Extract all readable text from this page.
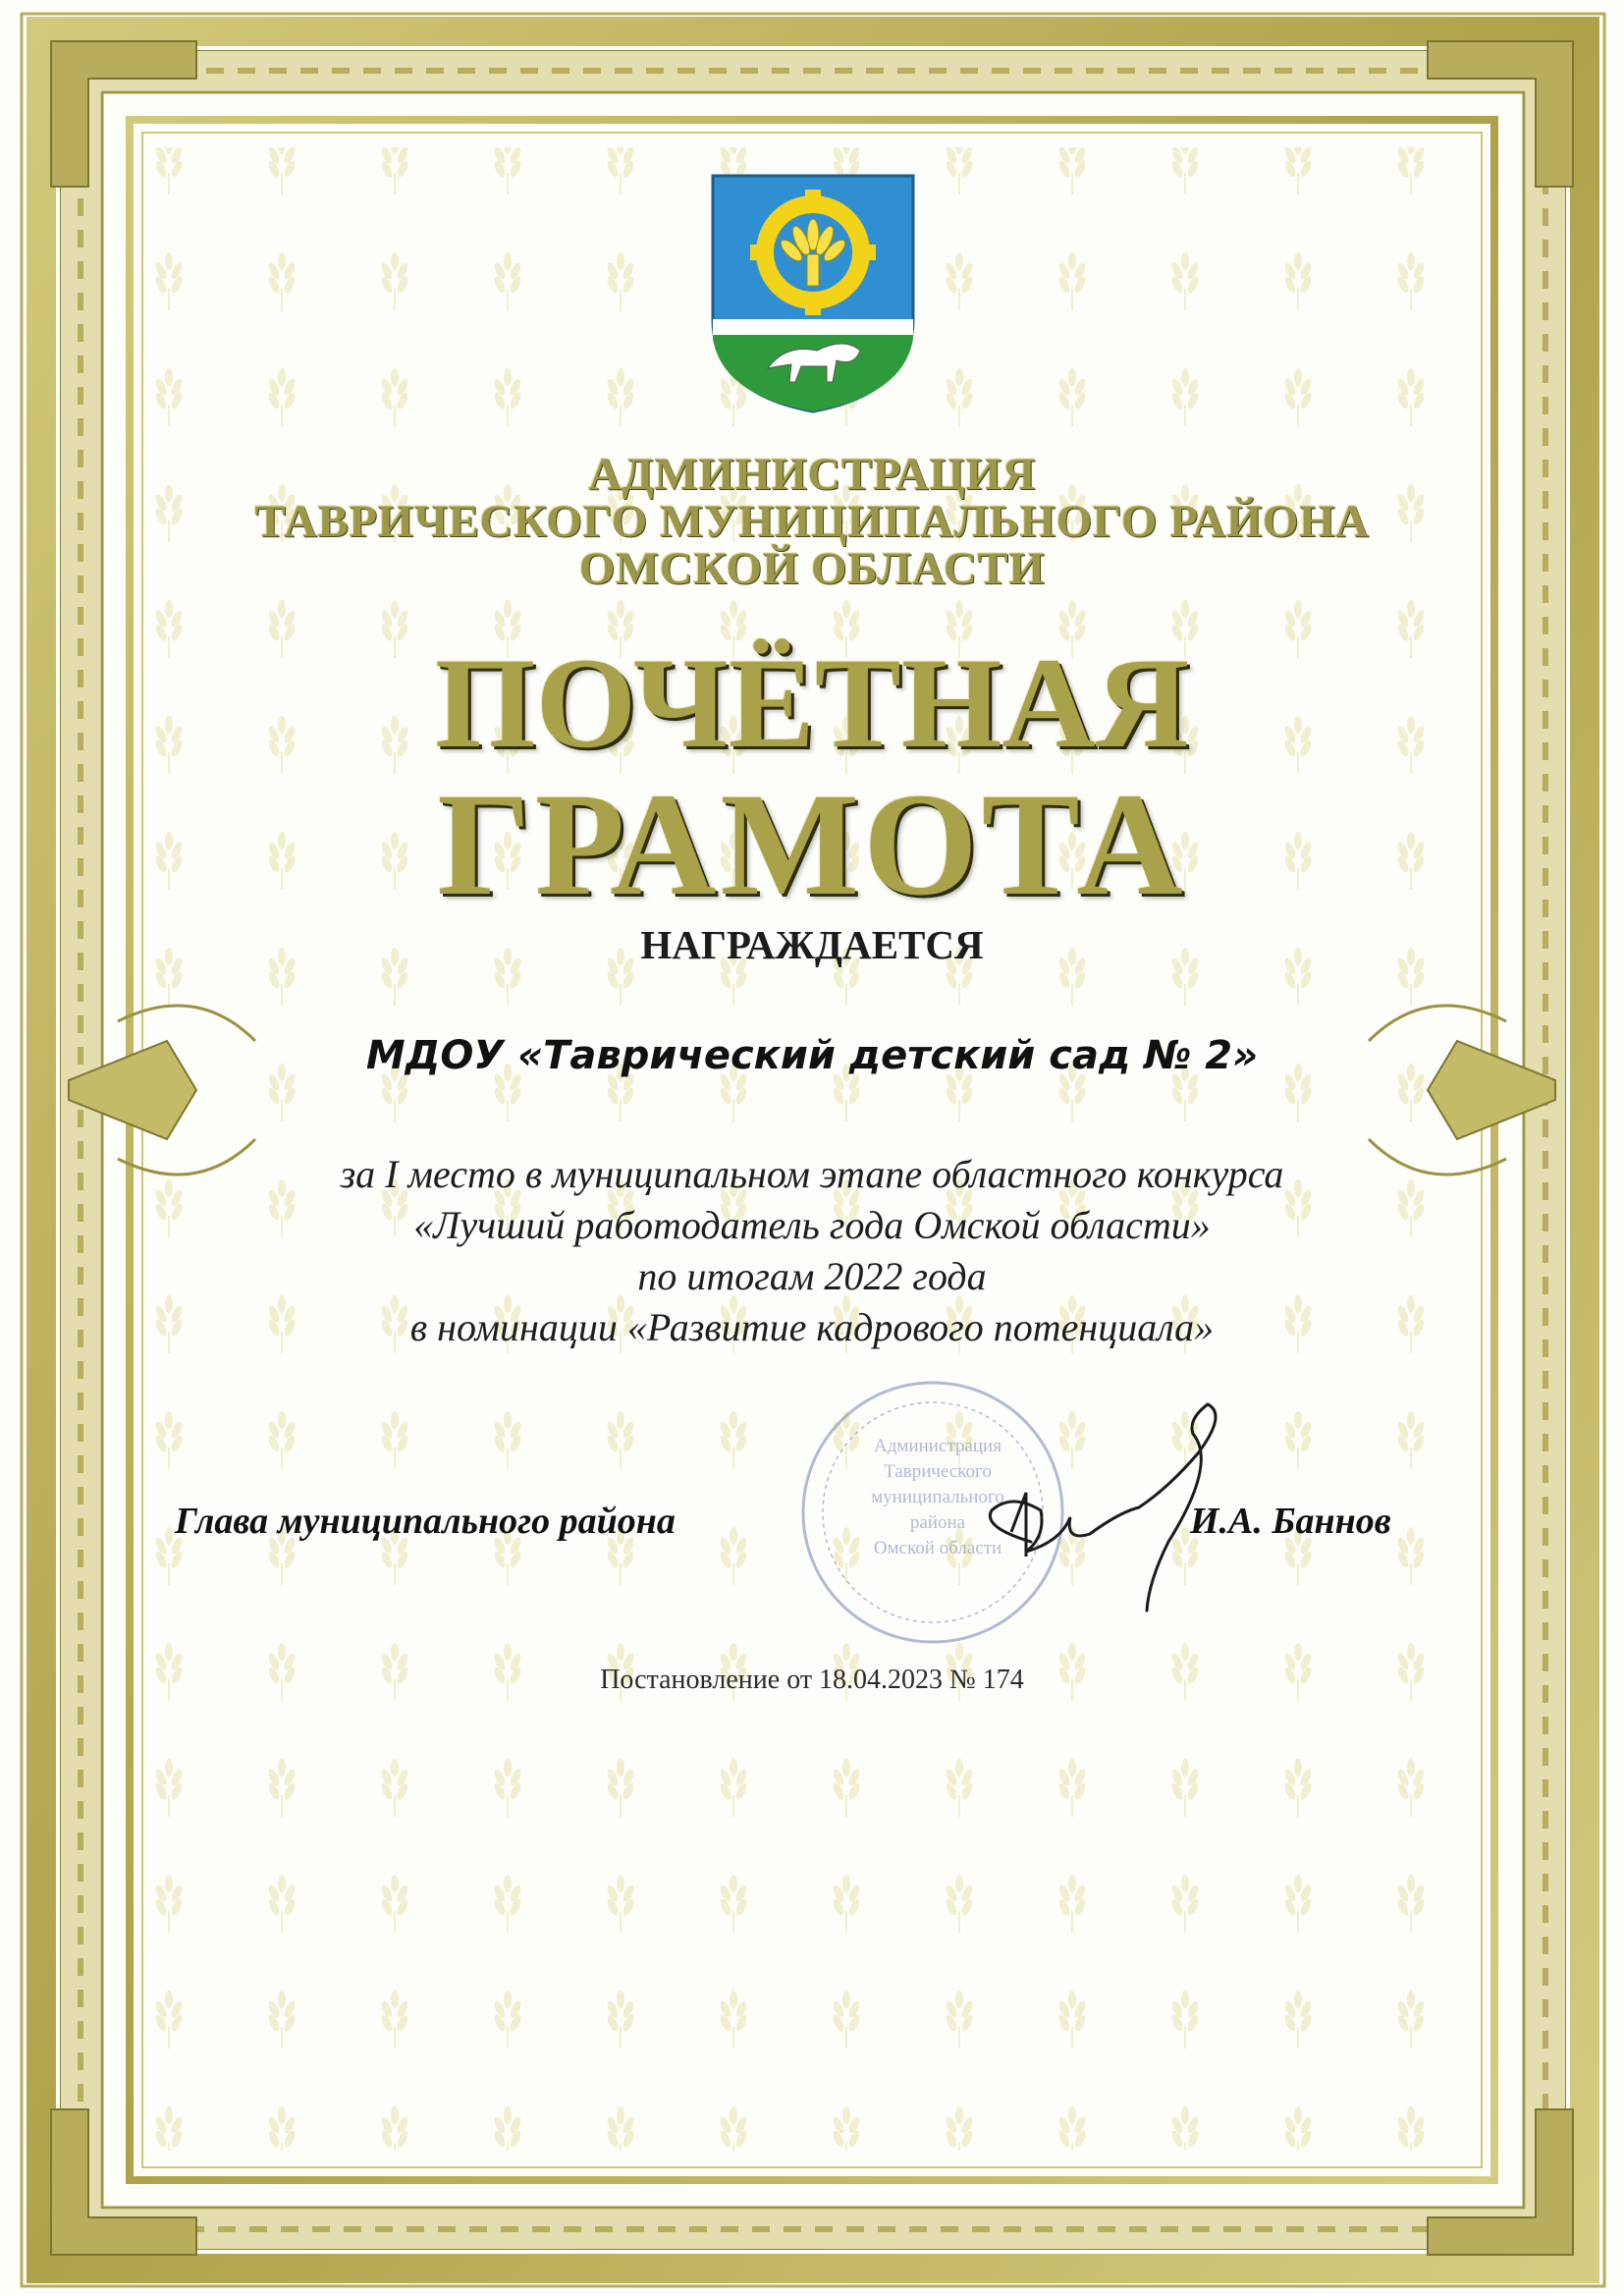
АДМИНИСТРАЦИЯ
ТАВРИЧЕСКОГО МУНИЦИПАЛЬНОГО РАЙОНА
ОМСКОЙ ОБЛАСТИ
ПОЧЁТНАЯ
ГРАМОТА
НАГРАЖДАЕТСЯ
МДОУ «Таврический детский сад № 2»
за I место в муниципальном этапе областного конкурса
«Лучший работодатель года Омской области»
по итогам 2022 года
в номинации «Развитие кадрового потенциала»
Администрация
Таврического
муниципального
района
Омской области
Глава муниципального района	И.А. Баннов
Постановление от 18.04.2023 № 174
